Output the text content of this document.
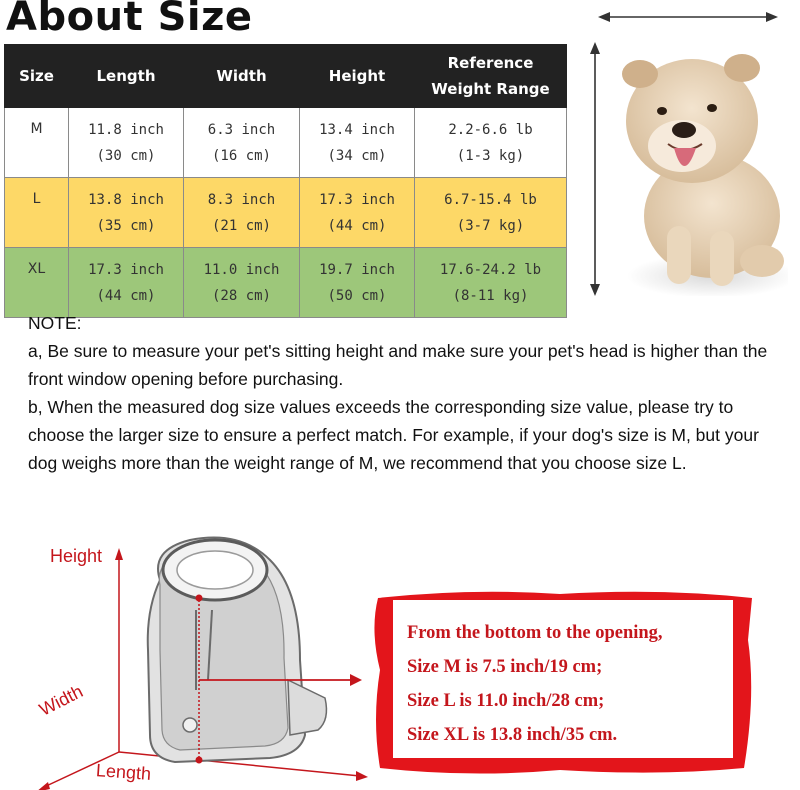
About Size
Size	Length	Width	Height	Reference
Weight Range

M	11.8 inch
(30 cm)	6.3 inch
(16 cm)	13.4 inch
(34 cm)	2.2-6.6 lb
(1-3 kg)

L	13.8 inch
(35 cm)	8.3 inch
(21 cm)	17.3 inch
(44 cm)	6.7-15.4 lb
(3-7 kg)

XL	17.3 inch
(44 cm)	11.0 inch
(28 cm)	19.7 inch
(50 cm)	17.6-24.2 lb
(8-11 kg)

NOTE:

a, Be sure to measure your pet's sitting height and make sure your pet's head is higher than the front window opening before purchasing.

b, When the measured dog size values exceeds the corresponding size value, please try to choose the larger size to ensure a perfect match. For example, if your dog's size is M, but your dog weighs more than the weight range of M, we recommend that you choose size L.

Height
Width
Length
From the bottom to the opening,
Size M is 7.5 inch/19 cm;
Size L is 11.0 inch/28 cm;
Size XL is 13.8 inch/35 cm.
